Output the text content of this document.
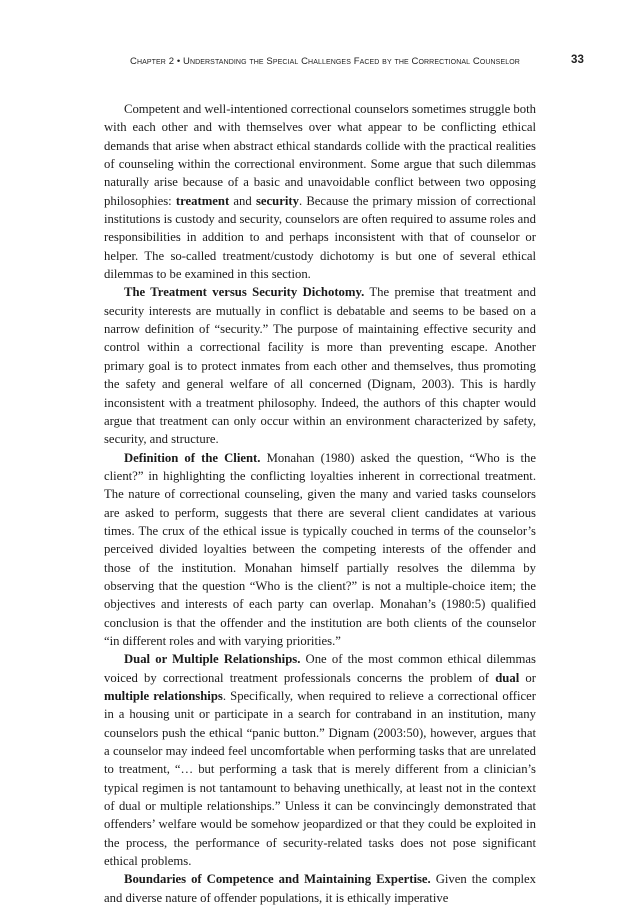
Chapter 2 • Understanding the Special Challenges Faced by the Correctional Counselor	33

Competent and well-intentioned correctional counselors sometimes struggle both with each other and with themselves over what appear to be conflicting ethical demands that arise when abstract ethical standards collide with the practical realities of counseling within the correctional environment. Some argue that such dilemmas naturally arise because of a basic and unavoidable conflict between two opposing philosophies: treatment and security. Because the primary mission of correctional institutions is custody and security, counselors are often required to assume roles and responsibilities in addition to and perhaps inconsistent with that of counselor or helper. The so-called treatment/custody dichotomy is but one of several ethical dilemmas to be examined in this section.

The Treatment versus Security Dichotomy. The premise that treatment and security interests are mutually in conflict is debatable and seems to be based on a narrow definition of “security.” The purpose of maintaining effective security and control within a correctional facility is more than preventing escape. Another primary goal is to protect inmates from each other and themselves, thus promoting the safety and general welfare of all concerned (Dignam, 2003). This is hardly inconsistent with a treatment philosophy. Indeed, the authors of this chapter would argue that treatment can only occur within an environment characterized by safety, security, and structure.

Definition of the Client. Monahan (1980) asked the question, “Who is the client?” in highlighting the conflicting loyalties inherent in correctional treatment. The nature of correctional counseling, given the many and varied tasks counselors are asked to perform, suggests that there are several client candidates at various times. The crux of the ethical issue is typically couched in terms of the counselor’s perceived divided loyalties between the competing interests of the offender and those of the institution. Monahan himself partially resolves the dilemma by observing that the question “Who is the client?” is not a multiple-choice item; the objectives and interests of each party can overlap. Monahan’s (1980:5) qualified conclusion is that the offender and the institution are both clients of the counselor “in different roles and with varying priorities.”

Dual or Multiple Relationships. One of the most common ethical dilemmas voiced by correctional treatment professionals concerns the problem of dual or multiple relationships. Specifically, when required to relieve a correctional officer in a housing unit or participate in a search for contraband in an institution, many counselors push the ethical “panic button.” Dignam (2003:50), however, argues that a counselor may indeed feel uncomfortable when performing tasks that are unrelated to treatment, “… but performing a task that is merely different from a clinician’s typical regimen is not tantamount to behaving unethically, at least not in the context of dual or multiple relationships.” Unless it can be convincingly demonstrated that offenders’ welfare would be somehow jeopardized or that they could be exploited in the process, the performance of security-related tasks does not pose significant ethical problems.

Boundaries of Competence and Maintaining Expertise. Given the complex and diverse nature of offender populations, it is ethically imperative
